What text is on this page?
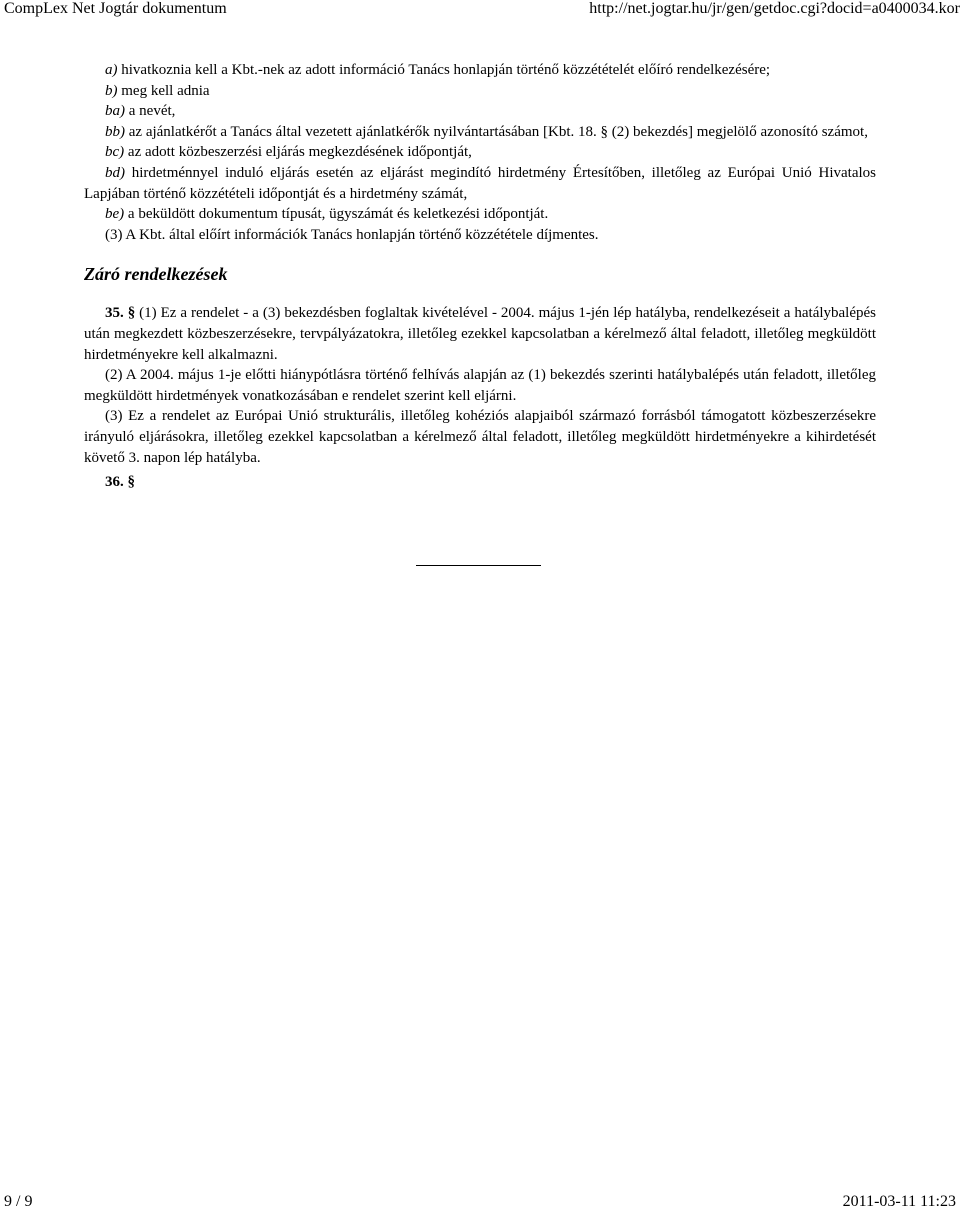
CompLex Net Jogtár dokumentum	http://net.jogtar.hu/jr/gen/getdoc.cgi?docid=a0400034.kor

a) hivatkoznia kell a Kbt.-nek az adott információ Tanács honlapján történő közzétételét előíró rendelkezésére;

b) meg kell adnia

ba) a nevét,

bb) az ajánlatkérőt a Tanács által vezetett ajánlatkérők nyilvántartásában [Kbt. 18. § (2) bekezdés] megjelölő azonosító számot,

bc) az adott közbeszerzési eljárás megkezdésének időpontját,

bd) hirdetménnyel induló eljárás esetén az eljárást megindító hirdetmény Értesítőben, illetőleg az Európai Unió Hivatalos Lapjában történő közzétételi időpontját és a hirdetmény számát,

be) a beküldött dokumentum típusát, ügyszámát és keletkezési időpontját.

(3) A Kbt. által előírt információk Tanács honlapján történő közzététele díjmentes.

Záró rendelkezések

35. § (1) Ez a rendelet - a (3) bekezdésben foglaltak kivételével - 2004. május 1-jén lép hatályba, rendelkezéseit a hatálybalépés után megkezdett közbeszerzésekre, tervpályázatokra, illetőleg ezekkel kapcsolatban a kérelmező által feladott, illetőleg megküldött hirdetményekre kell alkalmazni.

(2) A 2004. május 1-je előtti hiánypótlásra történő felhívás alapján az (1) bekezdés szerinti hatálybalépés után feladott, illetőleg megküldött hirdetmények vonatkozásában e rendelet szerint kell eljárni.

(3) Ez a rendelet az Európai Unió strukturális, illetőleg kohéziós alapjaiból származó forrásból támogatott közbeszerzésekre irányuló eljárásokra, illetőleg ezekkel kapcsolatban a kérelmező által feladott, illetőleg megküldött hirdetményekre a kihirdetését követő 3. napon lép hatályba.

36. §

9 / 9	2011-03-11 11:23
